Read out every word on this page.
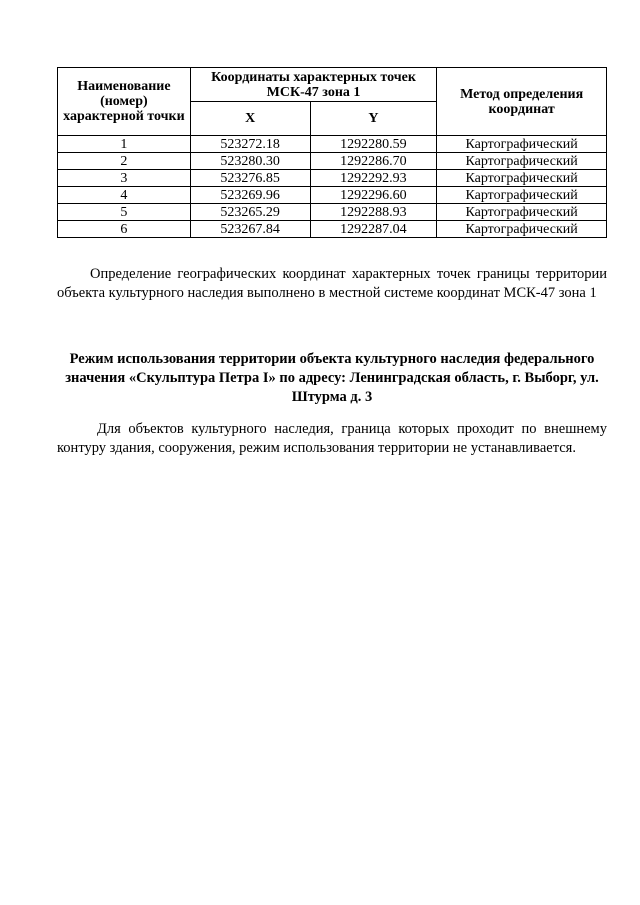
Наименование (номер) характерной точки	Координаты характерных точек МСК-47 зона 1		Метод определения координат
	X	Y	
1	523272.18	1292280.59	Картографический
2	523280.30	1292286.70	Картографический
3	523276.85	1292292.93	Картографический
4	523269.96	1292296.60	Картографический
5	523265.29	1292288.93	Картографический
6	523267.84	1292287.04	Картографический
Определение географических координат характерных точек границы территории объекта культурного наследия выполнено в местной системе координат МСК-47 зона 1
Режим использования территории объекта культурного наследия федерального значения «Скульптура Петра I» по адресу: Ленинградская область, г. Выборг, ул. Штурма д. 3
Для объектов культурного наследия, граница которых проходит по внешнему контуру здания, сооружения, режим использования территории не устанавливается.
